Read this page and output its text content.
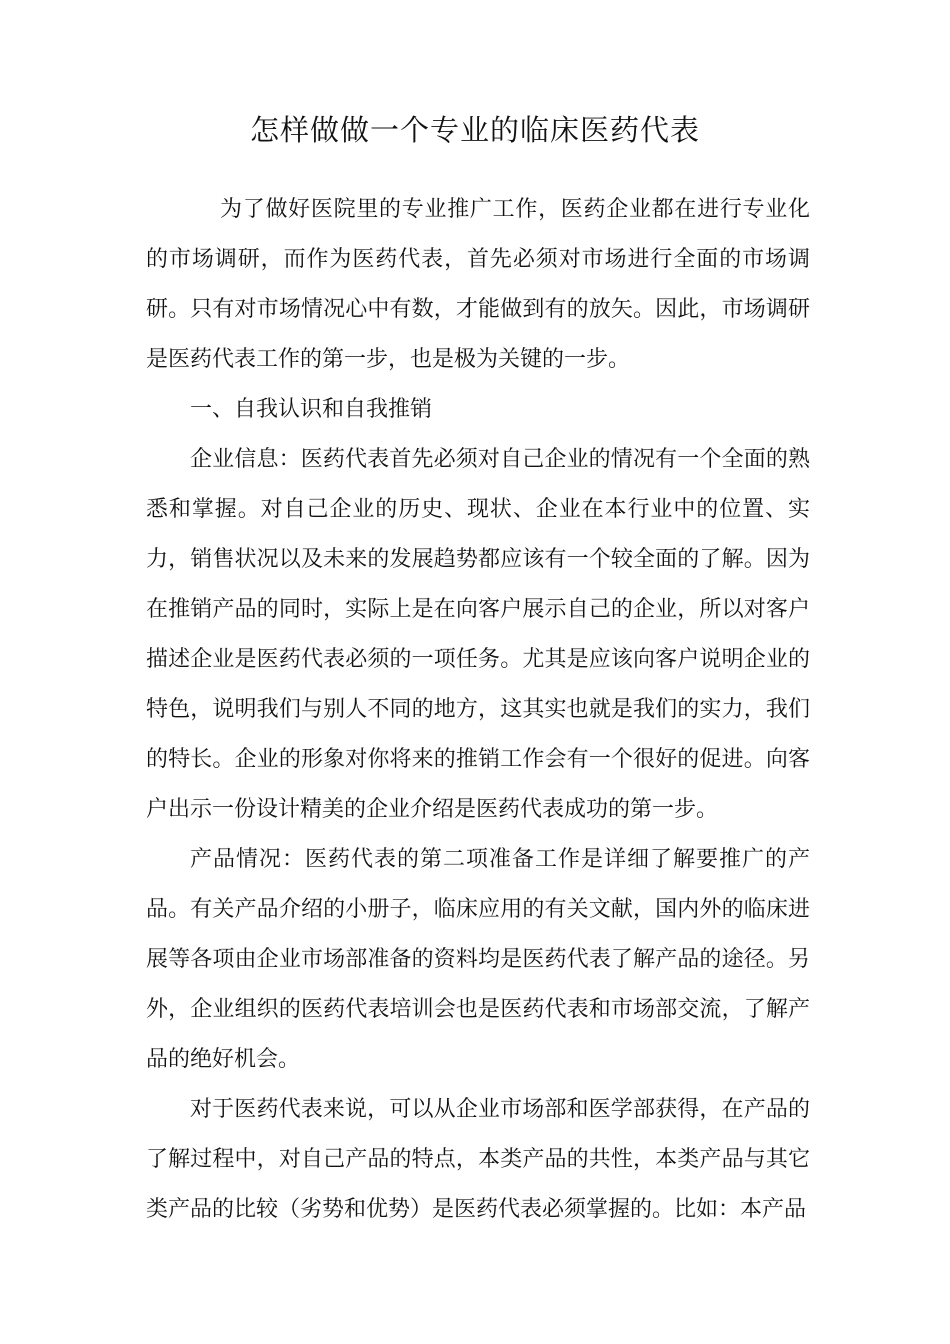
怎样做做一个专业的临床医药代表

为了做好医院里的专业推广工作，医药企业都在进行专业化的市场调研，而作为医药代表，首先必须对市场进行全面的市场调研。只有对市场情况心中有数，才能做到有的放矢。因此，市场调研是医药代表工作的第一步，也是极为关键的一步。

一、自我认识和自我推销

企业信息：医药代表首先必须对自己企业的情况有一个全面的熟悉和掌握。对自己企业的历史、现状、企业在本行业中的位置、实力，销售状况以及未来的发展趋势都应该有一个较全面的了解。因为在推销产品的同时，实际上是在向客户展示自己的企业，所以对客户描述企业是医药代表必须的一项任务。尤其是应该向客户说明企业的特色，说明我们与别人不同的地方，这其实也就是我们的实力，我们的特长。企业的形象对你将来的推销工作会有一个很好的促进。向客户出示一份设计精美的企业介绍是医药代表成功的第一步。

产品情况：医药代表的第二项准备工作是详细了解要推广的产品。有关产品介绍的小册子，临床应用的有关文献，国内外的临床进展等各项由企业市场部准备的资料均是医药代表了解产品的途径。另外，企业组织的医药代表培训会也是医药代表和市场部交流，了解产品的绝好机会。

对于医药代表来说，可以从企业市场部和医学部获得，在产品的了解过程中，对自己产品的特点，本类产品的共性，本类产品与其它类产品的比较（劣势和优势）是医药代表必须掌握的。比如：本产品
